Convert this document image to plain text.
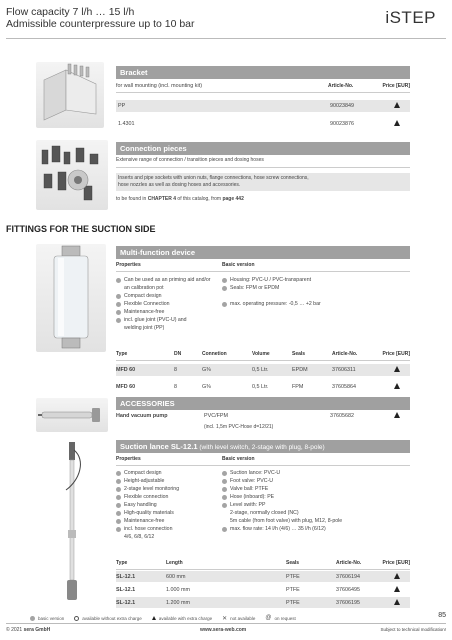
Flow capacity 7 l/h … 15 l/h
Admissible counterpressure up to 10 bar	iSTEP
Bracket
for wall mounting (incl. mounting kit)	Article-No.	Price [EUR]
PP	90023849
1.4301	90023876
Connection pieces
Extensive range of connection / transition pieces and dosing hoses
Inserts and pipe sockets with union nuts, flange connections, hose screw connections,
hose nozzles as well as dosing hoses and accessories.
to be found in CHAPTER 4 of this catalog, from page 442
FITTINGS FOR THE SUCTION SIDE
Multi-function device
Properties	Basic version
Can be used as an priming aid and/or
an calibration pot
Compact design
Flexible Connection
Maintenance-free
incl. glue joint (PVC-U) and
welding joint (PP)
Housing: PVC-U / PVC-transparent
Seals: FPM or EPDM
max. operating pressure: -0,5 … +2 bar
Type	DN	Connetion	Volume	Seals	Article-No.	Price [EUR]
MFD 60	8	G⅜	0,5 Ltr.	EPDM	37606311
MFD 60	8	G⅜	0,5 Ltr.	FPM	37605864
ACCESSORIES
Hand vacuum pump	PVC/FPM	37605682
(incl. 1,5m PVC-Hose d=12/21)
Suction lance SL-12.1 (with level switch, 2-stage with plug, 8-pole)
Properties	Basic version
Compact design
Height-adjustable
2-stage level monitoring
Flexible connection
Easy handling
High-quality materials
Maintenance-free
incl. hose connection
4/6, 6/8, 6/12
Suction lance: PVC-U
Foot valve: PVC-U
Valve ball: PTFE
Hose (inboard): PE
Level swith: PP
2-stage, normally closed (NC)
5m cable (from foot valve) with plug, M12, 8-pole
max. flow rate: 14 l/h (4/6) … 35 l/h (6/12)
Type	Length	Seals	Article-No.	Price [EUR]
SL-12.1	600 mm	PTFE	37606194
SL-12.1	1.000 mm	PTFE	37606495
SL-12.1	1.200 mm	PTFE	37606195
basic version	available without extra charge	available with extra charge ✕ not available @ on request	85
© 2021 sera GmbH	www.sera-web.com	Subject to technical modification!
